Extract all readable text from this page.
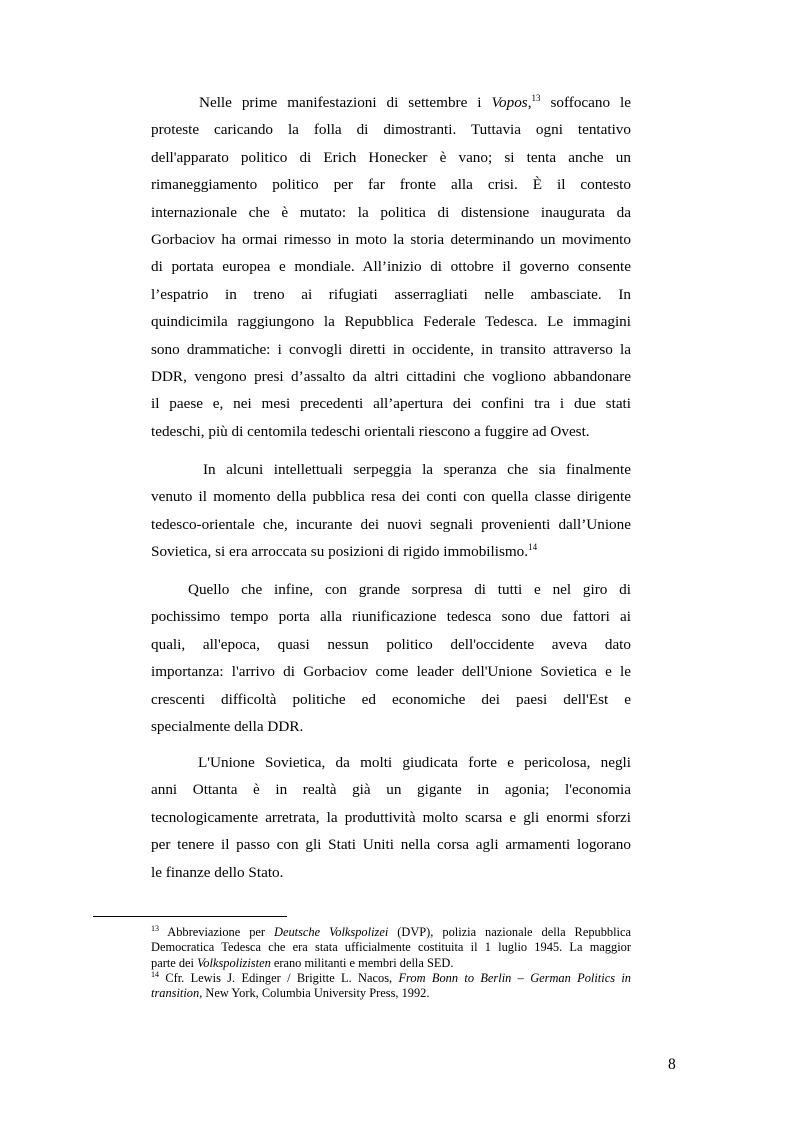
Nelle prime manifestazioni di settembre i Vopos,$^{13}$ soffocano le
proteste caricando la folla di dimostranti. Tuttavia ogni tentativo
dell'apparato politico di Erich Honecker è vano; si tenta anche un
rimaneggiamento politico per far fronte alla crisi. È il contesto
internazionale che è mutato: la politica di distensione inaugurata da
Gorbaciov ha ormai rimesso in moto la storia determinando un movimento
di portata europea e mondiale. All’inizio di ottobre il governo consente
l’espatrio in treno ai rifugiati asserragliati nelle ambasciate. In
quindicimila raggiungono la Repubblica Federale Tedesca. Le immagini
sono drammatiche: i convogli diretti in occidente, in transito attraverso la
DDR, vengono presi d’assalto da altri cittadini che vogliono abbandonare
il paese e, nei mesi precedenti all’apertura dei confini tra i due stati
tedeschi, più di centomila tedeschi orientali riescono a fuggire ad Ovest.
In alcuni intellettuali serpeggia la speranza che sia finalmente
venuto il momento della pubblica resa dei conti con quella classe dirigente
tedesco-orientale che, incurante dei nuovi segnali provenienti dall’Unione
Sovietica, si era arroccata su posizioni di rigido immobilismo.$^{14}$
Quello che infine, con grande sorpresa di tutti e nel giro di
pochissimo tempo porta alla riunificazione tedesca sono due fattori ai
quali, all'epoca, quasi nessun politico dell'occidente aveva dato
importanza: l'arrivo di Gorbaciov come leader dell'Unione Sovietica e le
crescenti difficoltà politiche ed economiche dei paesi dell'Est e
specialmente della DDR.
L'Unione Sovietica, da molti giudicata forte e pericolosa, negli
anni Ottanta è in realtà già un gigante in agonia; l'economia
tecnologicamente arretrata, la produttività molto scarsa e gli enormi sforzi
per tenere il passo con gli Stati Uniti nella corsa agli armamenti logorano
le finanze dello Stato.
$^{13}$ Abbreviazione per Deutsche Volkspolizei (DVP), polizia nazionale della Repubblica
Democratica Tedesca che era stata ufficialmente costituita il 1 luglio 1945. La maggior
parte dei Volkspolizisten erano militanti e membri della SED.
$^{14}$ Cfr. Lewis J. Edinger / Brigitte L. Nacos, From Bonn to Berlin – German Politics in
transition, New York, Columbia University Press, 1992.
8
